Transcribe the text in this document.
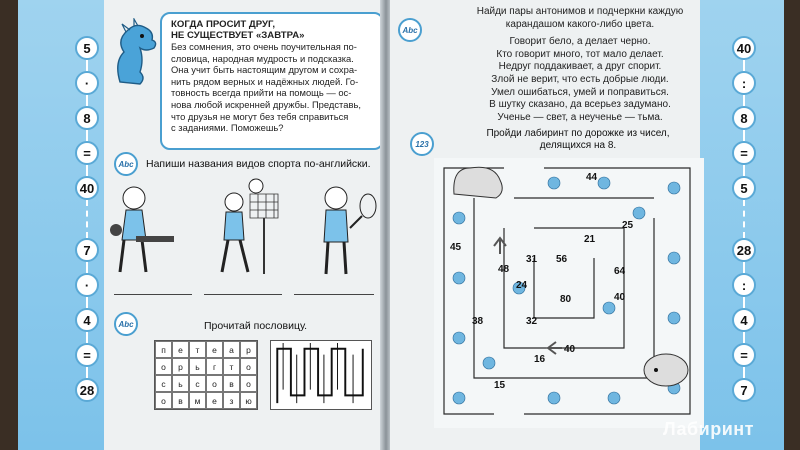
5
·
8
=
40
7
·
4
=
28
КОГДА ПРОСИТ ДРУГ,
НЕ СУЩЕСТВУЕТ «ЗАВТРА»
Без сомнения, это очень поучительная по-
словица, народная мудрость и подсказка.
Она учит быть настоящим другом и сохра-
нить рядом верных и надёжных людей. Го-
товность всегда прийти на помощь — ос-
нова любой искренней дружбы. Представь,
что друзья не могут без тебя справиться
с заданиями. Поможешь?
Abc	Напиши названия видов спорта по-английски.
Abc	Прочитай пословицу.
п	е	т	е	а	р
о	р	ь	г	т	о
с	ь	с	о	в	о
о	в	м	е	з	ю
40
:
8
=
5
28
:
4
=
7
Abc
Найди пары антонимов и подчеркни каждую
карандашом какого-либо цвета.
Говорит бело, а делает черно.
Кто говорит много, тот мало делает.
Недруг поддакивает, а друг спорит.
Злой не верит, что есть добрые люди.
Умел ошибаться, умей и поправиться.
В шутку сказано, да всерьез задумано.
Ученье — свет, а неученье — тьма.
123
Пройди лабиринт по дорожке из чисел,
делящихся на 8.
44
25
21
45
31 56
48	64
24
80	40
38	32
40
16
15
Лабиринт
